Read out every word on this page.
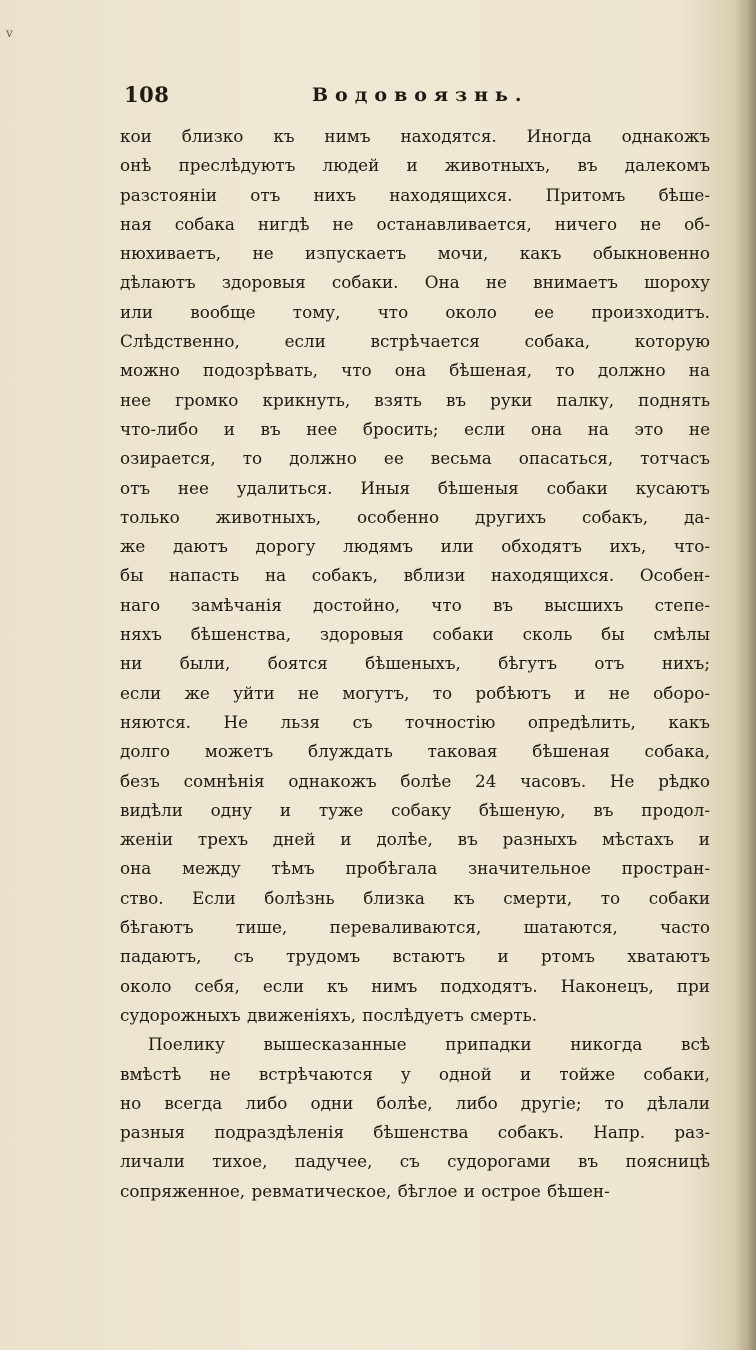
ⅴ
108	Водовоязнь.
кои близко къ нимъ находятся. Иногда однакожъ
онѣ преслѣдуютъ людей и животныхъ, въ далекомъ
разстояніи отъ нихъ находящихся. Притомъ бѣше-
ная собака нигдѣ не останавливается, ничего не об-
нюхиваетъ, не изпускаетъ мочи, какъ обыкновенно
дѣлаютъ здоровыя собаки. Она не внимаетъ шороху
или вообще тому, что около ее произходитъ.
Слѣдственно, если встрѣчается собака, которую
можно подозрѣвать, что она бѣшеная, то должно на
нее громко крикнуть, взять въ руки палку, поднять
что-либо и въ нее бросить; если она на это не
озирается, то должно ее весьма опасаться, тотчасъ
отъ нее удалиться. Иныя бѣшеныя собаки кусаютъ
только животныхъ, особенно другихъ собакъ, да-
же даютъ дорогу людямъ или обходятъ ихъ, что-
бы напасть на собакъ, вблизи находящихся. Особен-
наго замѣчанія достойно, что въ высшихъ степе-
няхъ бѣшенства, здоровыя собаки сколь бы смѣлы
ни были, боятся бѣшеныхъ, бѣгутъ отъ нихъ;
если же уйти не могутъ, то робѣютъ и не оборо-
няются. Не льзя съ точностію опредѣлить, какъ
долго можетъ блуждать таковая бѣшеная собака,
безъ сомнѣнія однакожъ болѣе 24 часовъ. Не рѣдко
видѣли одну и туже собаку бѣшеную, въ продол-
женіи трехъ дней и долѣе, въ разныхъ мѣстахъ и
она между тѣмъ пробѣгала значительное простран-
ство. Если болѣзнь близка къ смерти, то собаки
бѣгаютъ тише, переваливаются, шатаются, часто
падаютъ, съ трудомъ встаютъ и ртомъ хватаютъ
около себя, если къ нимъ подходятъ. Наконецъ, при
судорожныхъ движеніяхъ, послѣдуетъ смерть.
Поелику вышесказанные припадки никогда всѣ
вмѣстѣ не встрѣчаются у одной и тойже собаки,
но всегда либо одни болѣе, либо другіе; то дѣлали
разныя подраздѣленія бѣшенства собакъ. Напр. раз-
личали тихое, падучее, съ судорогами въ поясницѣ
сопряженное, ревматическое, бѣглое и острое бѣшен-
